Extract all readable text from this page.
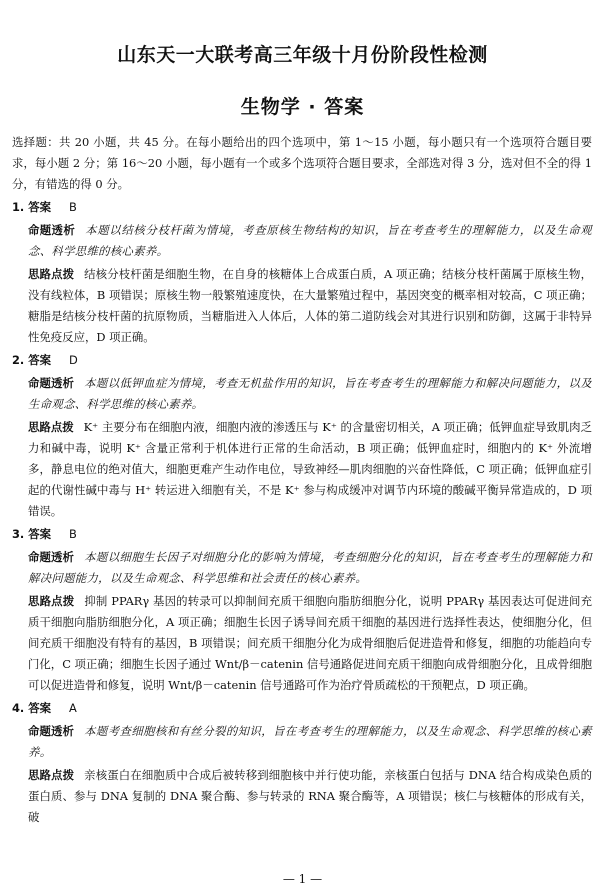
山东天一大联考高三年级十月份阶段性检测
生物学 · 答案

选择题：共 20 小题，共 45 分。在每小题给出的四个选项中，第 1～15 小题，每小题只有一个选项符合题目要求，每小题 2 分；第 16～20 小题，每小题有一个或多个选项符合题目要求，全部选对得 3 分，选对但不全的得 1 分，有错选的得 0 分。

1. 答案 B

命题透析 本题以结核分枝杆菌为情境，考查原核生物结构的知识，旨在考查考生的理解能力，以及生命观念、科学思维的核心素养。

思路点拨 结核分枝杆菌是细胞生物，在自身的核糖体上合成蛋白质，A 项正确；结核分枝杆菌属于原核生物，没有线粒体，B 项错误；原核生物一般繁殖速度快，在大量繁殖过程中，基因突变的概率相对较高，C 项正确；糖脂是结核分枝杆菌的抗原物质，当糖脂进入人体后，人体的第二道防线会对其进行识别和防御，这属于非特异性免疫反应，D 项正确。

2. 答案 D

命题透析 本题以低钾血症为情境，考查无机盐作用的知识，旨在考查考生的理解能力和解决问题能力，以及生命观念、科学思维的核心素养。

思路点拨 K⁺ 主要分布在细胞内液，细胞内液的渗透压与 K⁺ 的含量密切相关，A 项正确；低钾血症导致肌肉乏力和碱中毒，说明 K⁺ 含量正常利于机体进行正常的生命活动，B 项正确；低钾血症时，细胞内的 K⁺ 外流增多，静息电位的绝对值大，细胞更难产生动作电位，导致神经—肌肉细胞的兴奋性降低，C 项正确；低钾血症引起的代谢性碱中毒与 H⁺ 转运进入细胞有关，不是 K⁺ 参与构成缓冲对调节内环境的酸碱平衡异常造成的，D 项错误。

3. 答案 B

命题透析 本题以细胞生长因子对细胞分化的影响为情境，考查细胞分化的知识，旨在考查考生的理解能力和解决问题能力，以及生命观念、科学思维和社会责任的核心素养。

思路点拨 抑制 PPARγ 基因的转录可以抑制间充质干细胞向脂肪细胞分化，说明 PPARγ 基因表达可促进间充质干细胞向脂肪细胞分化，A 项正确；细胞生长因子诱导间充质干细胞的基因进行选择性表达，使细胞分化，但间充质干细胞没有特有的基因，B 项错误；间充质干细胞分化为成骨细胞后促进造骨和修复，细胞的功能趋向专门化，C 项正确；细胞生长因子通过 Wnt/β－catenin 信号通路促进间充质干细胞向成骨细胞分化，且成骨细胞可以促进造骨和修复，说明 Wnt/β－catenin 信号通路可作为治疗骨质疏松的干预靶点，D 项正确。

4. 答案 A

命题透析 本题考查细胞核和有丝分裂的知识，旨在考查考生的理解能力，以及生命观念、科学思维的核心素养。

思路点拨 亲核蛋白在细胞质中合成后被转移到细胞核中并行使功能，亲核蛋白包括与 DNA 结合构成染色质的蛋白质、参与 DNA 复制的 DNA 聚合酶、参与转录的 RNA 聚合酶等，A 项错误；核仁与核糖体的形成有关，破

— 1 —
